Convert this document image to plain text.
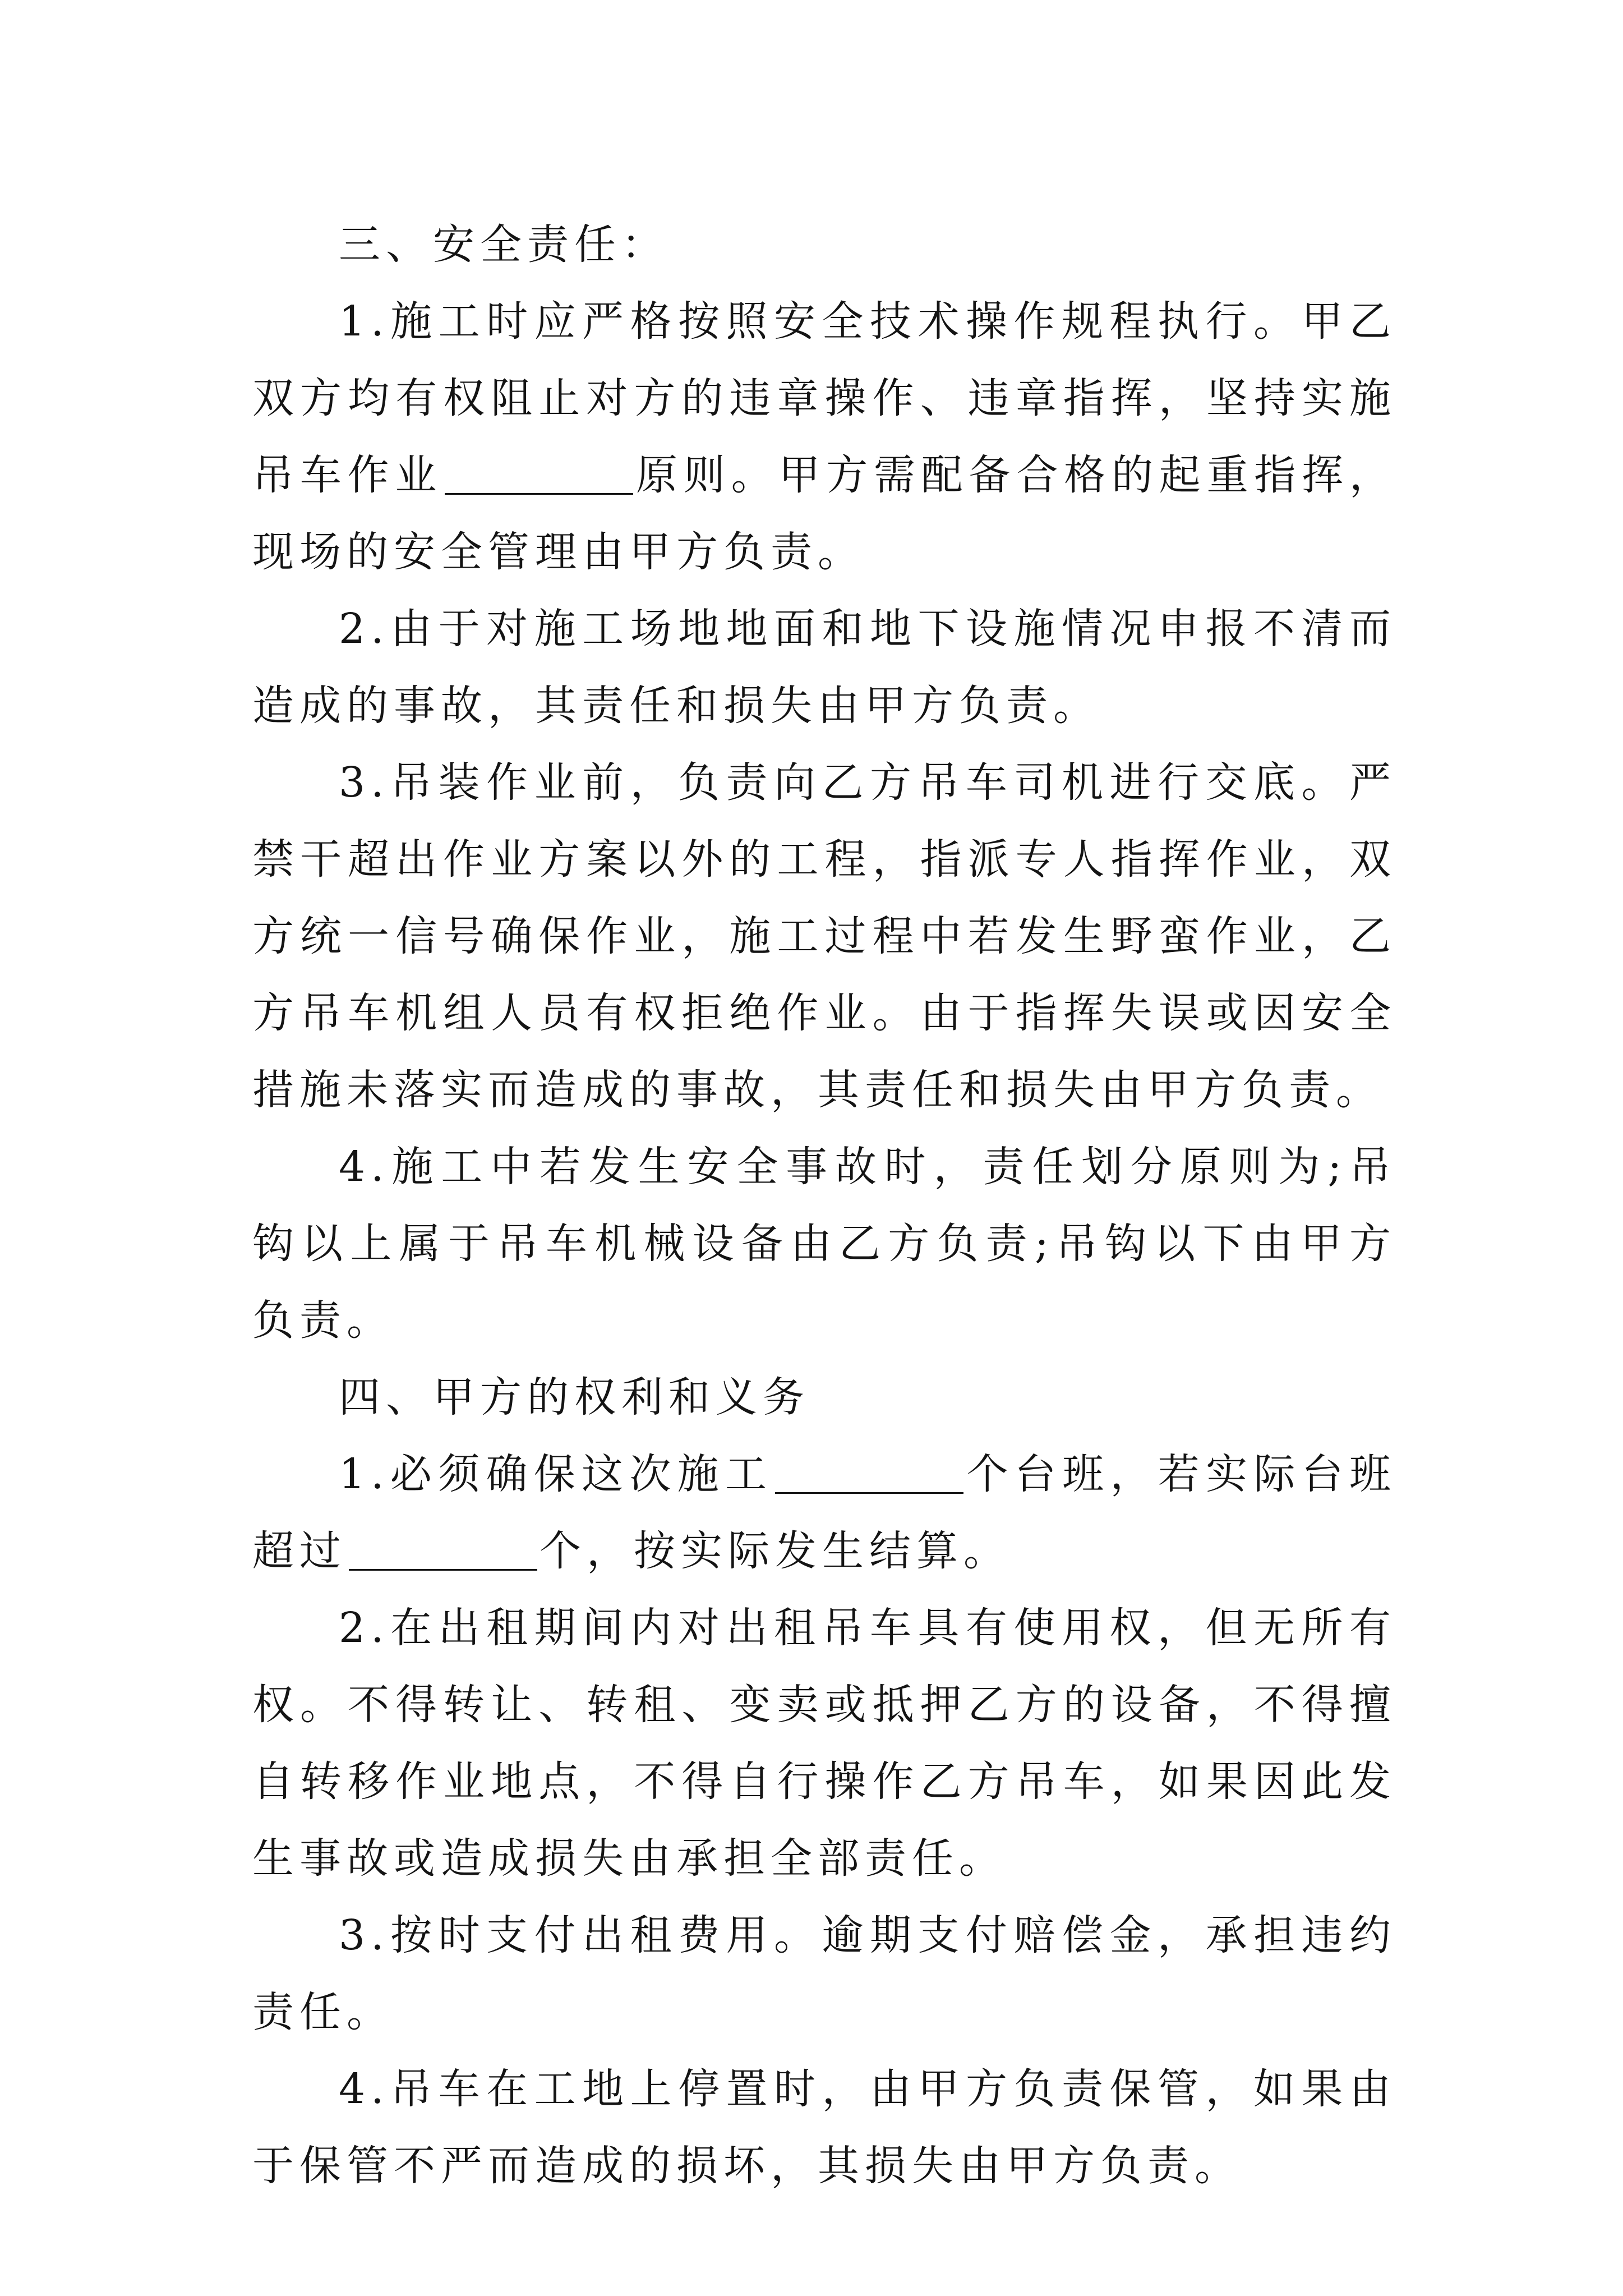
三、安全责任：

1.施工时应严格按照安全技术操作规程执行。甲乙双方均有权阻止对方的违章操作、违章指挥，坚持实施吊车作业	原则。甲方需配备合格的起重指挥，现场的安全管理由甲方负责。

2.由于对施工场地地面和地下设施情况申报不清而造成的事故，其责任和损失由甲方负责。

3.吊装作业前，负责向乙方吊车司机进行交底。严禁干超出作业方案以外的工程，指派专人指挥作业，双方统一信号确保作业，施工过程中若发生野蛮作业，乙方吊车机组人员有权拒绝作业。由于指挥失误或因安全措施未落实而造成的事故，其责任和损失由甲方负责。

4.施工中若发生安全事故时，责任划分原则为;吊钩以上属于吊车机械设备由乙方负责;吊钩以下由甲方负责。

四、甲方的权利和义务

1.必须确保这次施工	个台班，若实际台班超过	个，按实际发生结算。

2.在出租期间内对出租吊车具有使用权，但无所有权。不得转让、转租、变卖或抵押乙方的设备，不得擅自转移作业地点，不得自行操作乙方吊车，如果因此发生事故或造成损失由承担全部责任。

3.按时支付出租费用。逾期支付赔偿金，承担违约责任。

4.吊车在工地上停置时，由甲方负责保管，如果由于保管不严而造成的损坏，其损失由甲方负责。
